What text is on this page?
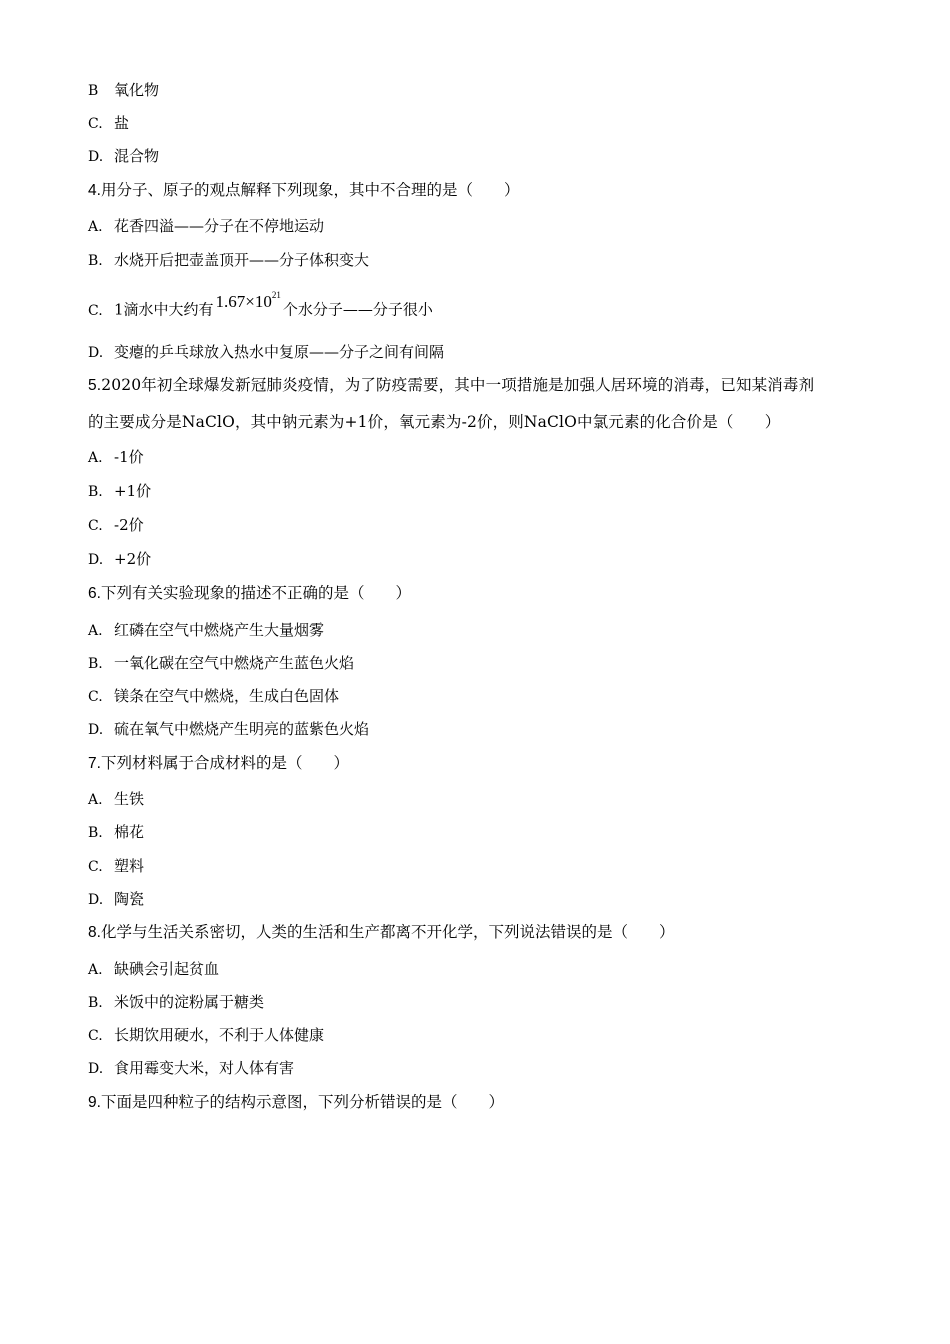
B 氧化物
C. 盐
D. 混合物
4.用分子、原子的观点解释下列现象，其中不合理的是（　　）
A. 花香四溢——分子在不停地运动
B. 水烧开后把壶盖顶开——分子体积变大
C. 1滴水中大约有 $1.67\times 10^{21}$个水分子——分子很小
D. 变瘪的乒乓球放入热水中复原——分子之间有间隔
5.2020年初全球爆发新冠肺炎疫情，为了防疫需要，其中一项措施是加强人居环境的消毒，已知某消毒剂
的主要成分是NaClO，其中钠元素为+1价，氧元素为-2价，则NaClO中氯元素的化合价是（　　）
A. -1价
B. +1价
C. -2价
D. +2价
6.下列有关实验现象的描述不正确的是（　　）
A. 红磷在空气中燃烧产生大量烟雾
B. 一氧化碳在空气中燃烧产生蓝色火焰
C. 镁条在空气中燃烧，生成白色固体
D. 硫在氧气中燃烧产生明亮的蓝紫色火焰
7.下列材料属于合成材料的是（　　）
A. 生铁
B. 棉花
C. 塑料
D. 陶瓷
8.化学与生活关系密切，人类的生活和生产都离不开化学，下列说法错误的是（　　）
A. 缺碘会引起贫血
B. 米饭中的淀粉属于糖类
C. 长期饮用硬水，不利于人体健康
D. 食用霉变大米，对人体有害
9.下面是四种粒子的结构示意图，下列分析错误的是（　　）
